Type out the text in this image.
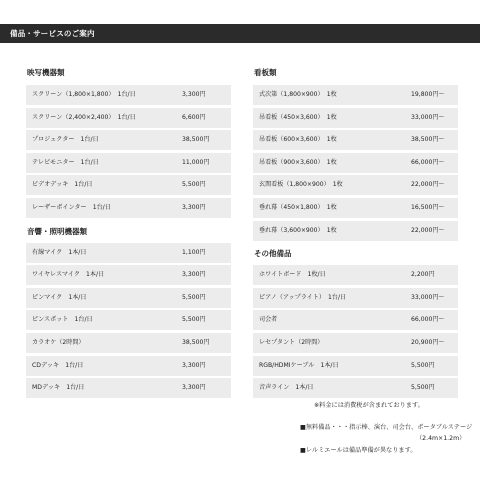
備品・サービスのご案内
映写機器類
スクリーン（1,800×1,800）　1台/日	3,300円
スクリーン（2,400×2,400）　1台/日	6,600円
プロジェクター　1台/日	38,500円
テレビモニター　1台/日	11,000円
ビデオデッキ　1台/日	5,500円
レーザーポインター　1台/日	3,300円
音響・照明機器類
有線マイク　1本/日	1,100円
ワイヤレスマイク　1本/日	3,300円
ピンマイク　1本/日	5,500円
ピンスポット　1台/日	5,500円
カラオケ（2時間）	38,500円
CDデッキ　1台/日	3,300円
MDデッキ　1台/日	3,300円
看板類
式次第（1,800×900）　1枚	19,800円～
吊看板（450×3,600）　1枚	33,000円～
吊看板（600×3,600）　1枚	38,500円～
吊看板（900×3,600）　1枚	66,000円～
玄関看板（1,800×900）　1枚	22,000円～
垂れ幕（450×1,800）　1枚	16,500円～
垂れ幕（3,600×900）　1枚	22,000円～
その他備品
ホワイトボード　1枚/日	2,200円
ピアノ（アップライト）　1台/日	33,000円～
司会者	66,000円～
レセプタント（2時間）	20,900円～
RGB/HDMIケーブル　1本/日	5,500円
音声ライン　1本/日	5,500円
※料金には消費税が含まれております。
■無料備品・・・指示棒、演台、司会台、ポータブルステージ
（2.4m×1.2m）
■レルミエールは備品準備が異なります。
